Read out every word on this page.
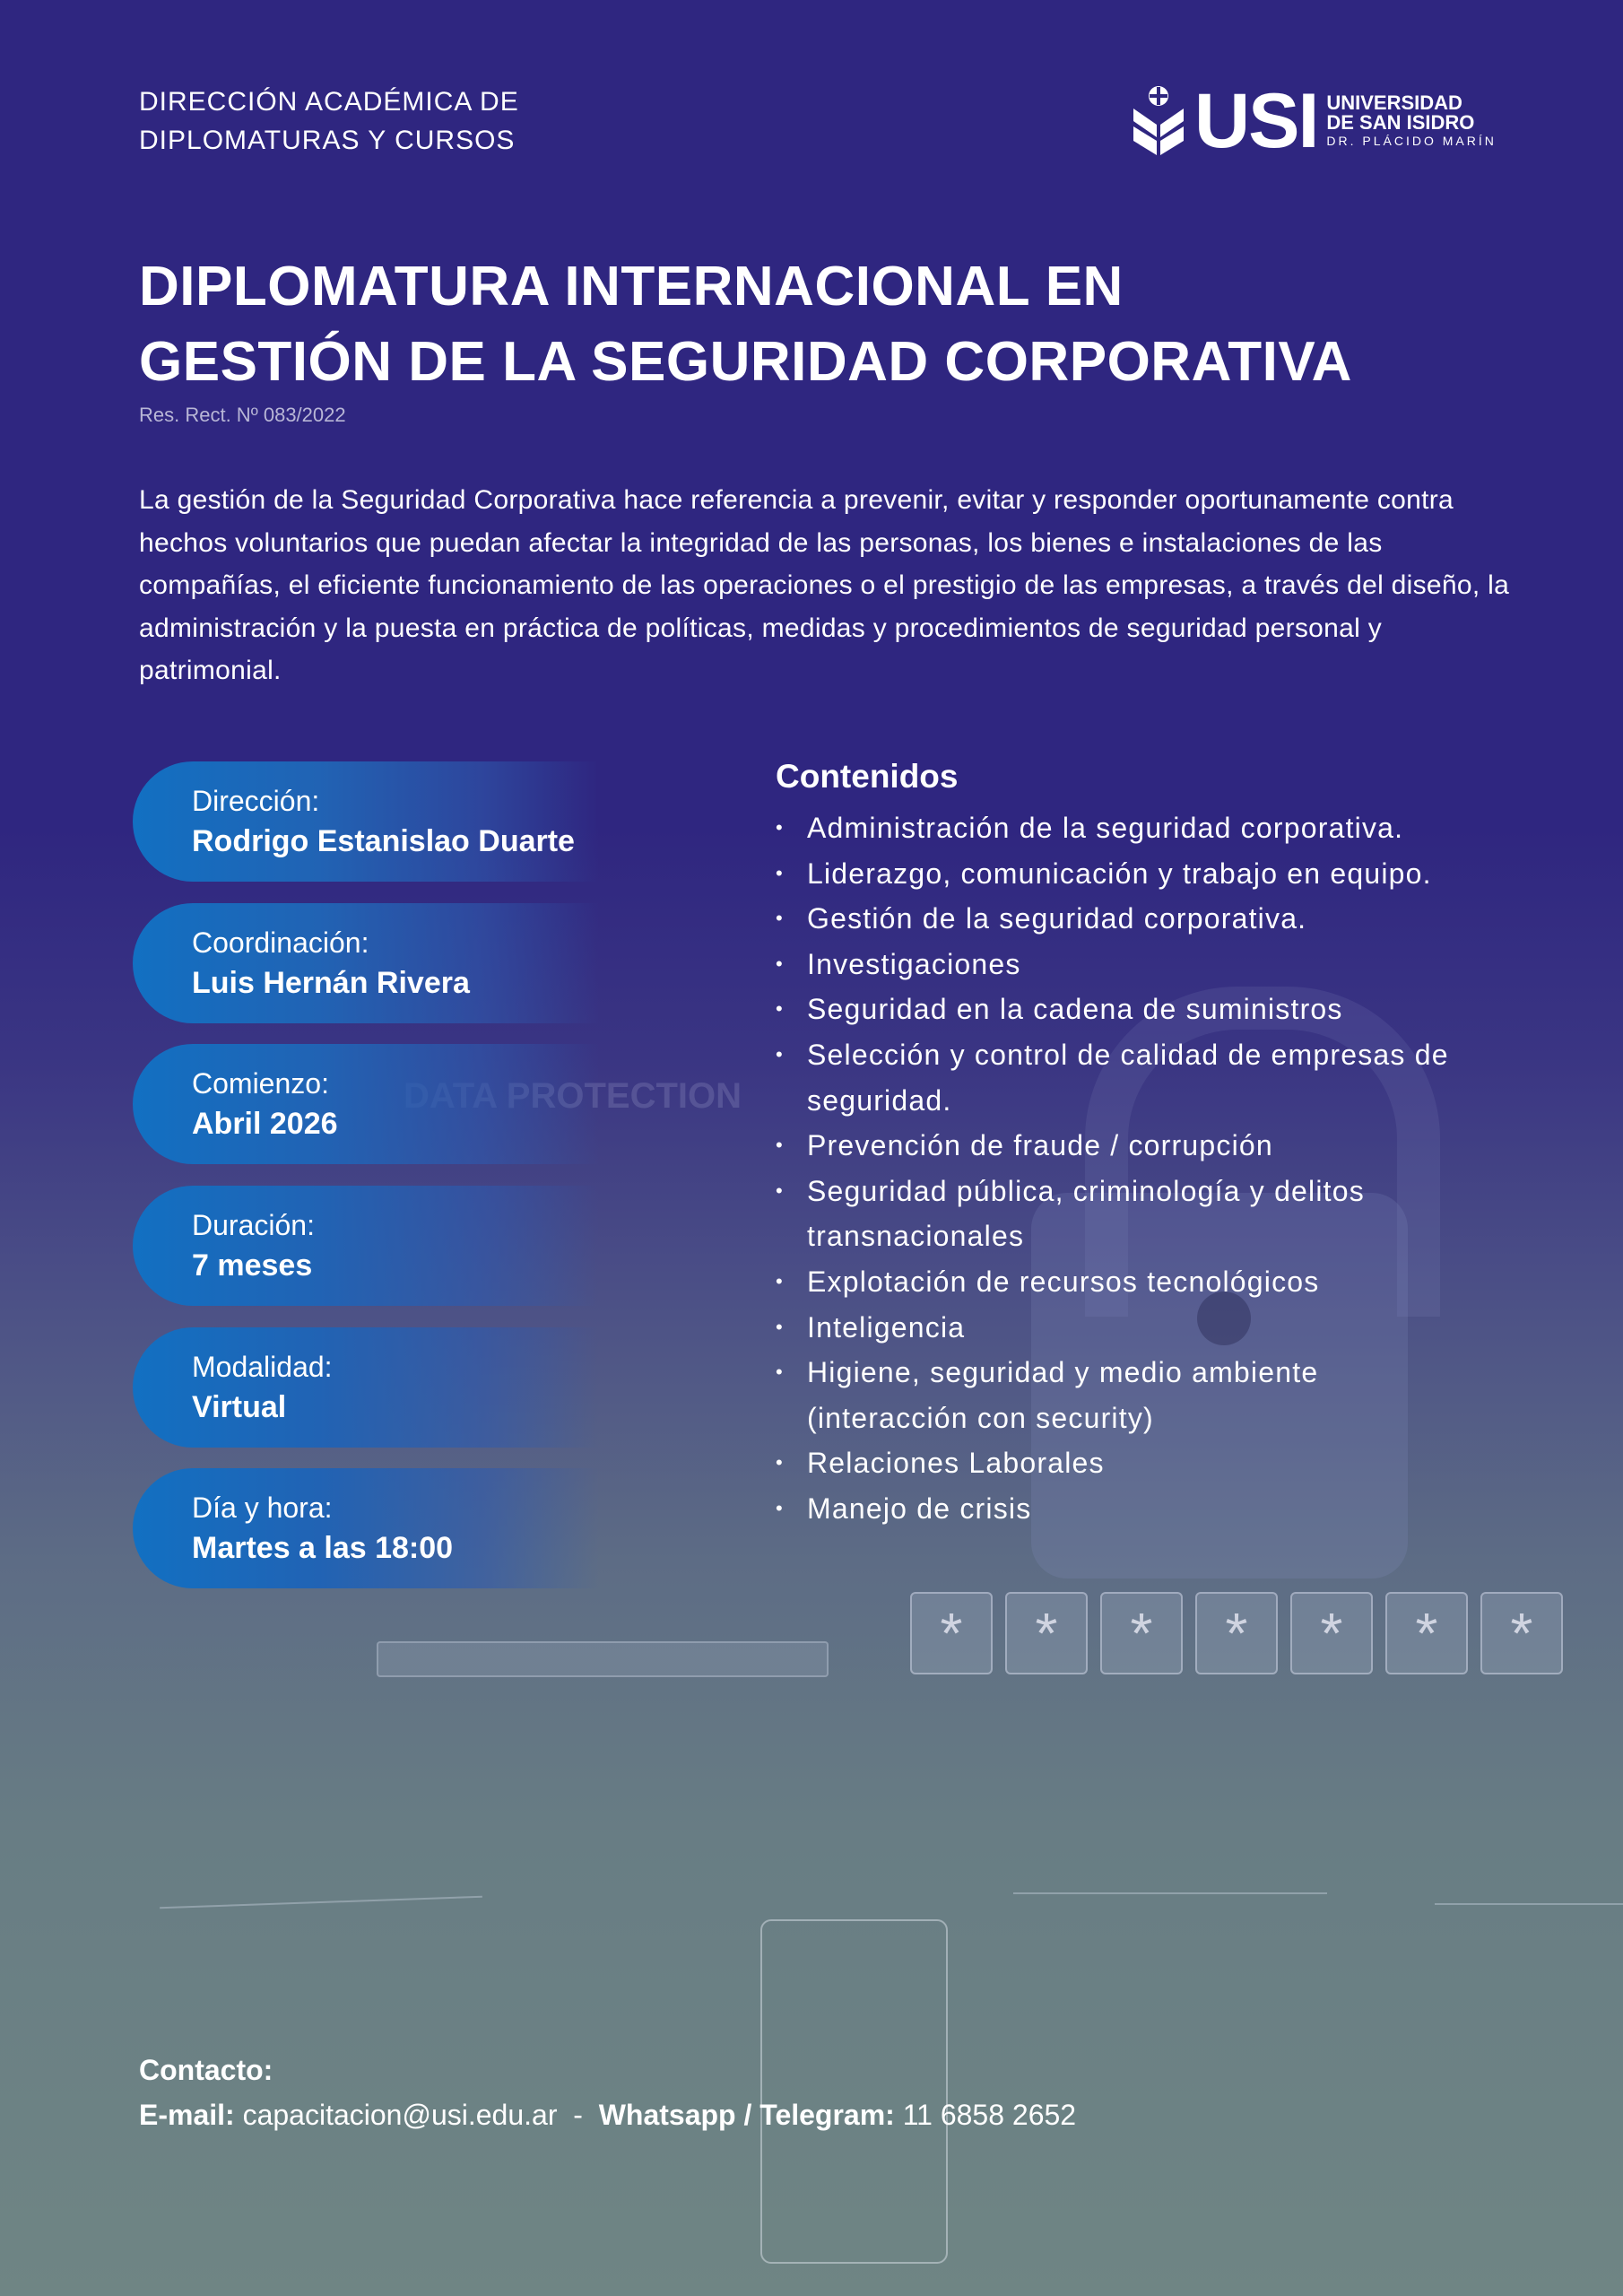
PROTECTION
*	*	*	*	*	*	*
DIRECCIÓN ACADÉMICA DE
DIPLOMATURAS Y CURSOS	USI UNIVERSIDAD
DE SAN ISIDRO
DR. PLÁCIDO MARÍN
DIPLOMATURA INTERNACIONAL EN
GESTIÓN DE LA SEGURIDAD CORPORATIVA
Res. Rect. Nº 083/2022
La gestión de la Seguridad Corporativa hace referencia a prevenir, evitar y responder oportunamente contra hechos voluntarios que puedan afectar la integridad de las personas, los bienes e instalaciones de las compañías, el eficiente funcionamiento de las operaciones o el prestigio de las empresas, a través del diseño, la administración y la puesta en práctica de políticas, medidas y procedimientos de seguridad personal y patrimonial.
Dirección:
Rodrigo Estanislao Duarte
Coordinación:
Luis Hernán Rivera
Comienzo:
Abril 2026
Duración:
7 meses
Modalidad:
Virtual
Día y hora:
Martes a las 18:00
Contenidos
• Administración de la seguridad corporativa.
• Liderazgo, comunicación y trabajo en equipo.
• Gestión de la seguridad corporativa.
• Investigaciones
• Seguridad en la cadena de suministros
• Selección y control de calidad de empresas de seguridad.
• Prevención de fraude / corrupción
• Seguridad pública, criminología y delitos transnacionales
• Explotación de recursos tecnológicos
• Inteligencia
• Higiene, seguridad y medio ambiente (interacción con security)
• Relaciones Laborales
• Manejo de crisis
Contacto:
E-mail: capacitacion@usi.edu.ar - Whatsapp / Telegram: 11 6858 2652
